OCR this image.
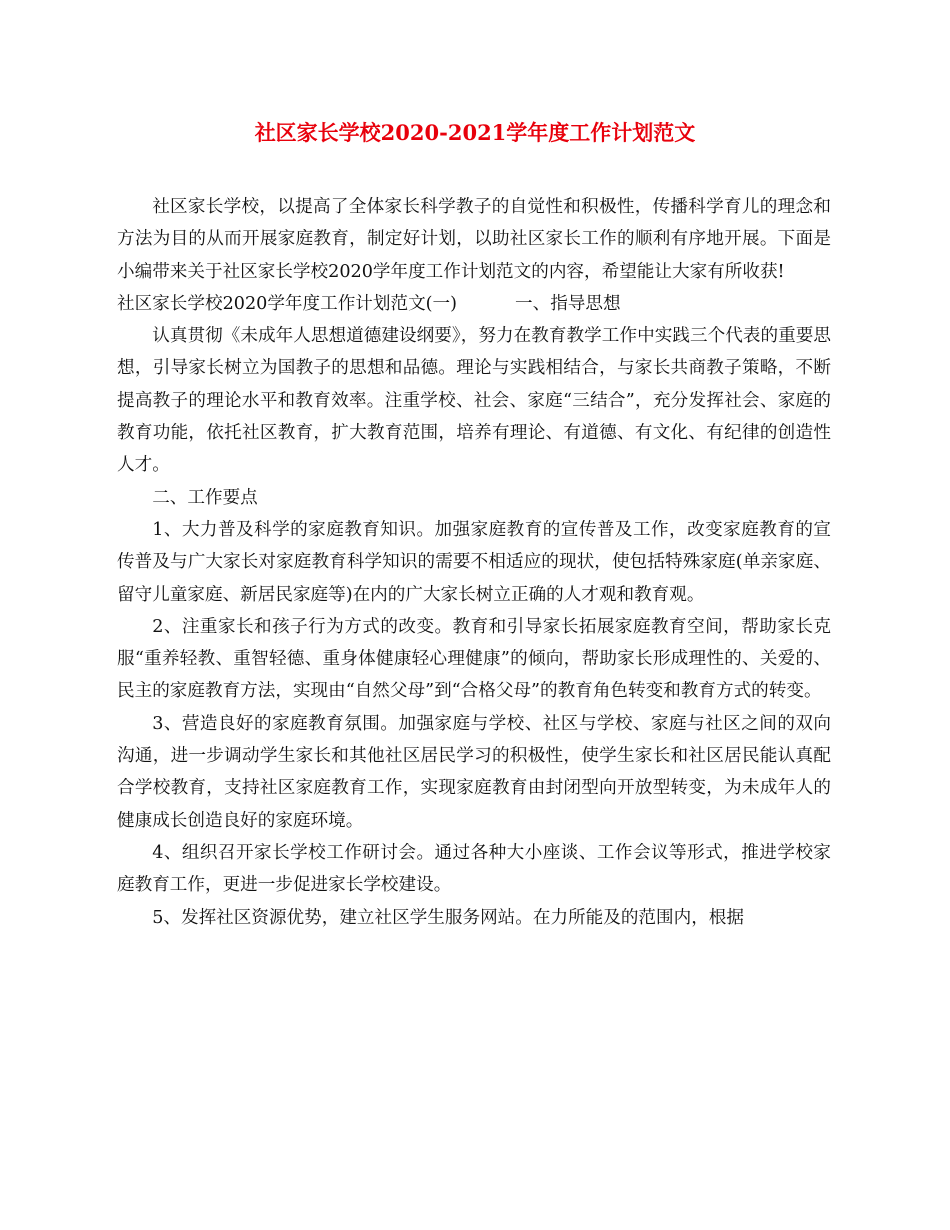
社区家长学校2020-2021学年度工作计划范文

社区家长学校，以提高了全体家长科学教子的自觉性和积极性，传播科学育儿的理念和方法为目的从而开展家庭教育，制定好计划，以助社区家长工作的顺利有序地开展。下面是小编带来关于社区家长学校2020学年度工作计划范文的内容，希望能让大家有所收获!

社区家长学校2020学年度工作计划范文(一)	一、指导思想

认真贯彻《未成年人思想道德建设纲要》，努力在教育教学工作中实践三个代表的重要思想，引导家长树立为国教子的思想和品德。理论与实践相结合，与家长共商教子策略，不断提高教子的理论水平和教育效率。注重学校、社会、家庭“三结合”，充分发挥社会、家庭的教育功能，依托社区教育，扩大教育范围，培养有理论、有道德、有文化、有纪律的创造性人才。

二、工作要点

1、大力普及科学的家庭教育知识。加强家庭教育的宣传普及工作，改变家庭教育的宣传普及与广大家长对家庭教育科学知识的需要不相适应的现状，使包括特殊家庭(单亲家庭、留守儿童家庭、新居民家庭等)在内的广大家长树立正确的人才观和教育观。

2、注重家长和孩子行为方式的改变。教育和引导家长拓展家庭教育空间，帮助家长克服“重养轻教、重智轻德、重身体健康轻心理健康”的倾向，帮助家长形成理性的、关爱的、民主的家庭教育方法，实现由“自然父母”到“合格父母”的教育角色转变和教育方式的转变。

3、营造良好的家庭教育氛围。加强家庭与学校、社区与学校、家庭与社区之间的双向沟通，进一步调动学生家长和其他社区居民学习的积极性，使学生家长和社区居民能认真配合学校教育，支持社区家庭教育工作，实现家庭教育由封闭型向开放型转变，为未成年人的健康成长创造良好的家庭环境。

4、组织召开家长学校工作研讨会。通过各种大小座谈、工作会议等形式，推进学校家庭教育工作，更进一步促进家长学校建设。

5、发挥社区资源优势，建立社区学生服务网站。在力所能及的范围内，根据
